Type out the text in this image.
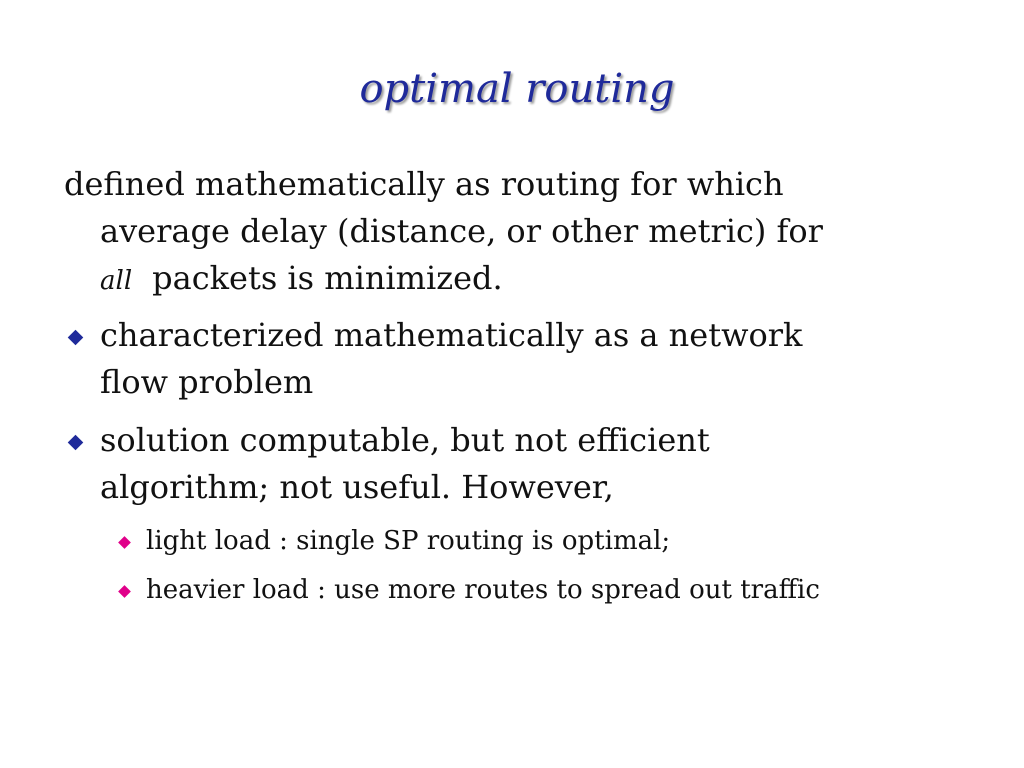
optimal routing
defined mathematically as routing for which
average delay (distance, or other metric) for
all packets is minimized.
characterized mathematically as a network
flow problem
solution computable, but not efficient
algorithm; not useful. However,
light load : single SP routing is optimal;
heavier load : use more routes to spread out traffic
